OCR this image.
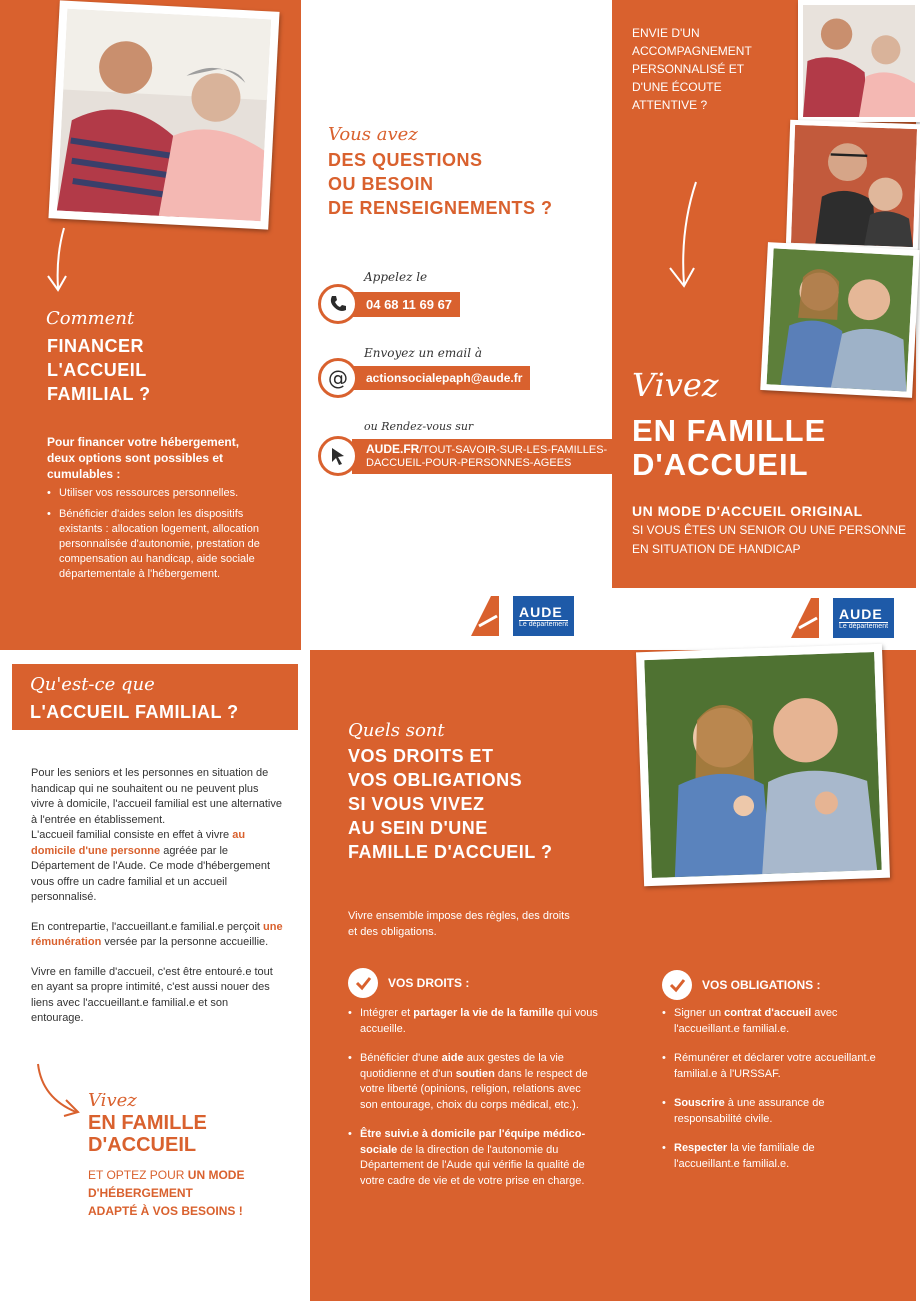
Comment
FINANCER
L'ACCUEIL
FAMILIAL ?
Pour financer votre hébergement, deux options sont possibles et cumulables :
• Utiliser vos ressources personnelles.
• Bénéficier d'aides selon les dispositifs existants : allocation logement, allocation personnalisée d'autonomie, prestation de compensation au handicap, aide sociale départementale à l'hébergement.
Vous avez
DES QUESTIONS
OU BESOIN
DE RENSEIGNEMENTS ?
Appelez le
04 68 11 69 67
Envoyez un email à
@	actionsocialepaph@aude.fr
ou Rendez-vous sur
AUDE.FR/TOUT-SAVOIR-SUR-LES-FAMILLES-
DACCUEIL-POUR-PERSONNES-AGEES
AUDE
Le département
ENVIE D'UN
ACCOMPAGNEMENT
PERSONNALISÉ ET
D'UNE ÉCOUTE
ATTENTIVE ?
Vivez
EN FAMILLE
D'ACCUEIL
UN MODE D'ACCUEIL ORIGINAL
SI VOUS ÊTES UN SENIOR OU UNE PERSONNE
EN SITUATION DE HANDICAP
AUDE
Le département
Qu'est-ce que
L'ACCUEIL FAMILIAL ?

Pour les seniors et les personnes en situation de handicap qui ne souhaitent ou ne peuvent plus vivre à domicile, l'accueil familial est une alternative à l'entrée en établissement.

L'accueil familial consiste en effet à vivre au domicile d'une personne agréée par le Département de l'Aude. Ce mode d'hébergement vous offre un cadre familial et un accueil personnalisé.

En contrepartie, l'accueillant.e familial.e perçoit une rémunération versée par la personne accueillie.

Vivre en famille d'accueil, c'est être entouré.e tout en ayant sa propre intimité, c'est aussi nouer des liens avec l'accueillant.e familial.e et son entourage.

Vivez
EN FAMILLE
D'ACCUEIL
ET OPTEZ POUR UN MODE
D'HÉBERGEMENT
ADAPTÉ À VOS BESOINS !
Quels sont
VOS DROITS ET
VOS OBLIGATIONS
SI VOUS VIVEZ
AU SEIN D'UNE
FAMILLE D'ACCUEIL ?
Vivre ensemble impose des règles, des droits et des obligations.
VOS DROITS :
• Intégrer et partager la vie de la famille qui vous accueille.
• Bénéficier d'une aide aux gestes de la vie quotidienne et d'un soutien dans le respect de votre liberté (opinions, religion, relations avec son entourage, choix du corps médical, etc.).
• Être suivi.e à domicile par l'équipe médico-sociale de la direction de l'autonomie du Département de l'Aude qui vérifie la qualité de votre cadre de vie et de votre prise en charge.
VOS OBLIGATIONS :
• Signer un contrat d'accueil avec l'accueillant.e familial.e.
• Rémunérer et déclarer votre accueillant.e familial.e à l'URSSAF.
• Souscrire à une assurance de responsabilité civile.
• Respecter la vie familiale de l'accueillant.e familial.e.
